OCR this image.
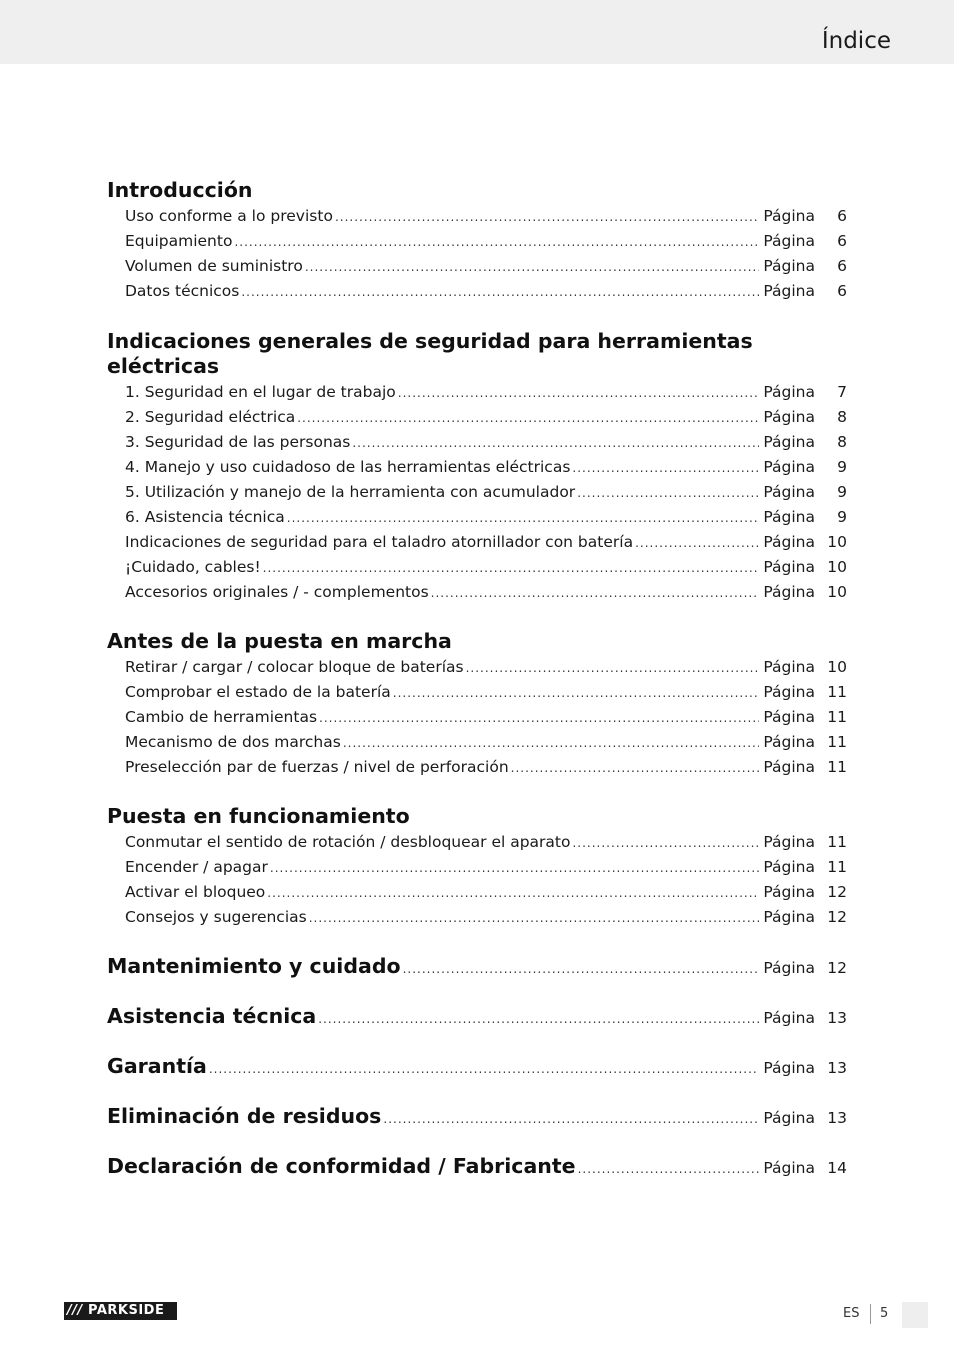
Índice
Introducción
Uso conforme a lo previsto .....	Página	6
Equipamiento .....	Página	6
Volumen de suministro .....	Página	6
Datos técnicos .....	Página	6
Indicaciones generales de seguridad para herramientas
eléctricas
1. Seguridad en el lugar de trabajo .....	Página	7
2. Seguridad eléctrica .....	Página	8
3. Seguridad de las personas .....	Página	8
4. Manejo y uso cuidadoso de las herramientas eléctricas .....	Página	9
5. Utilización y manejo de la herramienta con acumulador .....	Página	9
6. Asistencia técnica .....	Página	9
Indicaciones de seguridad para el taladro atornillador con batería .....	Página 10
¡Cuidado, cables! .....	Página 10
Accesorios originales / - complementos .....	Página 10
Antes de la puesta en marcha
Retirar / cargar / colocar bloque de baterías .....	Página 10
Comprobar el estado de la batería .....	Página 11
Cambio de herramientas .....	Página 11
Mecanismo de dos marchas .....	Página 11
Preselección par de fuerzas / nivel de perforación .....	Página 11
Puesta en funcionamiento
Conmutar el sentido de rotación / desbloquear el aparato .....	Página 11
Encender / apagar .....	Página 11
Activar el bloqueo .....	Página 12
Consejos y sugerencias .....	Página 12
Mantenimiento y cuidado .....	Página 12
Asistencia técnica .....	Página 13
Garantía .....	Página 13
Eliminación de residuos .....	Página 13
Declaración de conformidad / Fabricante .....	Página 14
/// PARKSIDE	ES 5
